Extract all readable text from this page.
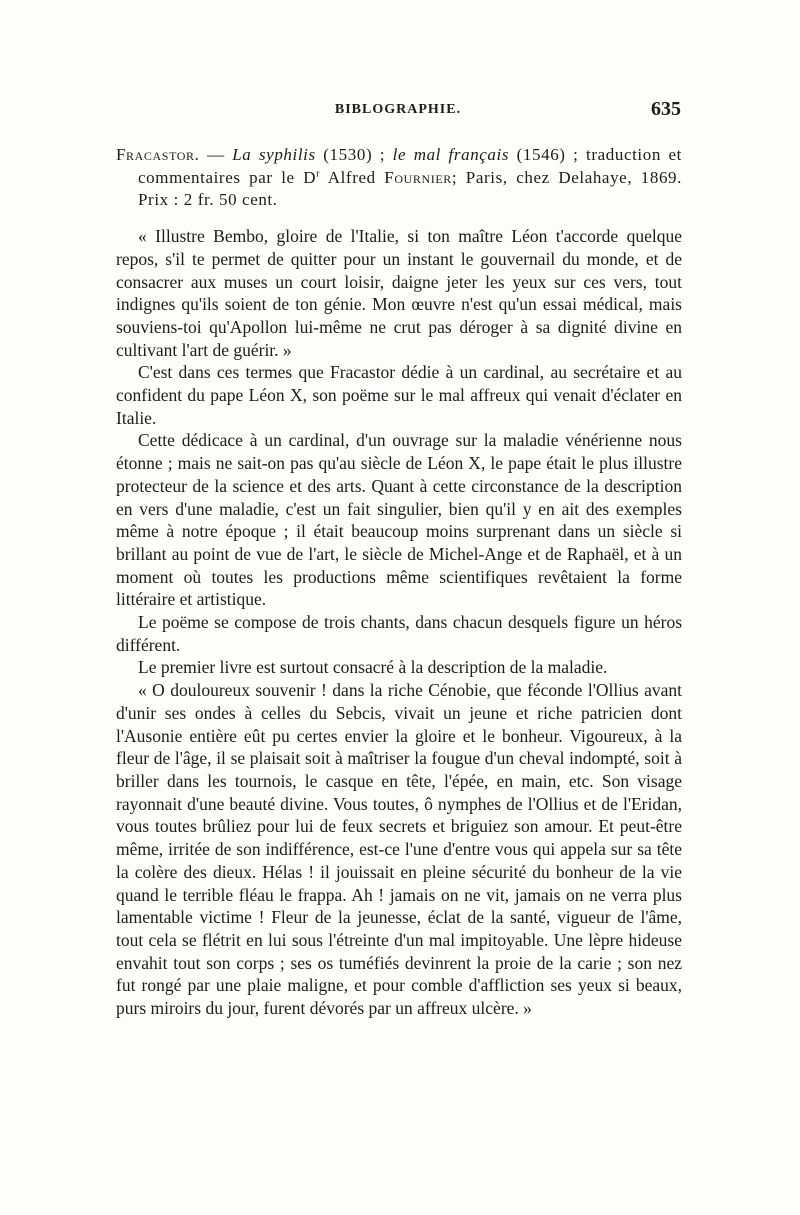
BIBLOGRAPHIE.	635

Fracastor. — La syphilis (1530) ; le mal français (1546) ; traduction et commentaires par le $D^r$ Alfred Fournier; Paris, chez Delahaye, 1869. Prix : 2 fr. 50 cent.

« Illustre Bembo, gloire de l'Italie, si ton maître Léon t'accorde quelque repos, s'il te permet de quitter pour un instant le gouvernail du monde, et de consacrer aux muses un court loisir, daigne jeter les yeux sur ces vers, tout indignes qu'ils soient de ton génie. Mon œuvre n'est qu'un essai médical, mais souviens-toi qu'Apollon lui-même ne crut pas déroger à sa dignité divine en cultivant l'art de guérir. »

C'est dans ces termes que Fracastor dédie à un cardinal, au secrétaire et au confident du pape Léon X, son poëme sur le mal affreux qui venait d'éclater en Italie.

Cette dédicace à un cardinal, d'un ouvrage sur la maladie vénérienne nous étonne ; mais ne sait-on pas qu'au siècle de Léon X, le pape était le plus illustre protecteur de la science et des arts. Quant à cette circonstance de la description en vers d'une maladie, c'est un fait singulier, bien qu'il y en ait des exemples même à notre époque ; il était beaucoup moins surprenant dans un siècle si brillant au point de vue de l'art, le siècle de Michel-Ange et de Raphaël, et à un moment où toutes les productions même scientifiques revêtaient la forme littéraire et artistique.

Le poëme se compose de trois chants, dans chacun desquels figure un héros différent.

Le premier livre est surtout consacré à la description de la maladie.

« O douloureux souvenir ! dans la riche Cénobie, que féconde l'Ollius avant d'unir ses ondes à celles du Sebcis, vivait un jeune et riche patricien dont l'Ausonie entière eût pu certes envier la gloire et le bonheur. Vigoureux, à la fleur de l'âge, il se plaisait soit à maîtriser la fougue d'un cheval indompté, soit à briller dans les tournois, le casque en tête, l'épée, en main, etc. Son visage rayonnait d'une beauté divine. Vous toutes, ô nymphes de l'Ollius et de l'Eridan, vous toutes brûliez pour lui de feux secrets et briguiez son amour. Et peut-être même, irritée de son indifférence, est-ce l'une d'entre vous qui appela sur sa tête la colère des dieux. Hélas ! il jouissait en pleine sécurité du bonheur de la vie quand le terrible fléau le frappa. Ah ! jamais on ne vit, jamais on ne verra plus lamentable victime ! Fleur de la jeunesse, éclat de la santé, vigueur de l'âme, tout cela se flétrit en lui sous l'étreinte d'un mal impitoyable. Une lèpre hideuse envahit tout son corps ; ses os tuméfiés devinrent la proie de la carie ; son nez fut rongé par une plaie maligne, et pour comble d'affliction ses yeux si beaux, purs miroirs du jour, furent dévorés par un affreux ulcère. »
